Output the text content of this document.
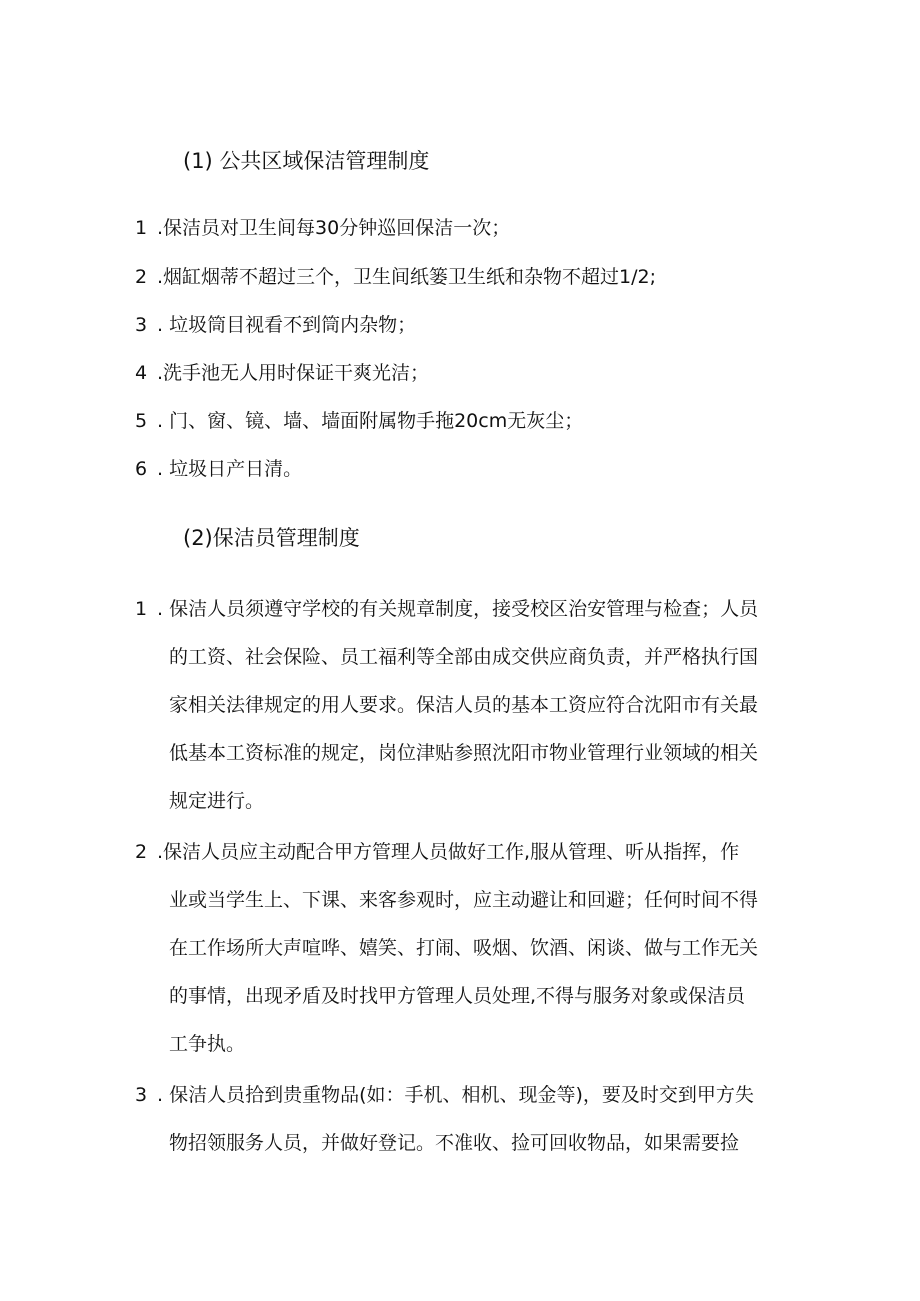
(1) 公共区域保洁管理制度
1 .保洁员对卫生间每30分钟巡回保洁一次；
2 .烟缸烟蒂不超过三个，卫生间纸篓卫生纸和杂物不超过1/2;
3 . 垃圾筒目视看不到筒内杂物；
4 .洗手池无人用时保证干爽光洁；
5 . 门、窗、镜、墙、墙面附属物手拖20cm无灰尘；
6 . 垃圾日产日清。
(2)保洁员管理制度
1 . 保洁人员须遵守学校的有关规章制度，接受校区治安管理与检查；人员
的工资、社会保险、员工福利等全部由成交供应商负责，并严格执行国
家相关法律规定的用人要求。保洁人员的基本工资应符合沈阳市有关最
低基本工资标准的规定，岗位津贴参照沈阳市物业管理行业领域的相关
规定进行。
2 .保洁人员应主动配合甲方管理人员做好工作,服从管理、听从指挥，作
业或当学生上、下课、来客参观时，应主动避让和回避；任何时间不得
在工作场所大声喧哗、嬉笑、打闹、吸烟、饮酒、闲谈、做与工作无关
的事情，出现矛盾及时找甲方管理人员处理,不得与服务对象或保洁员
工争执。
3 . 保洁人员拾到贵重物品(如：手机、相机、现金等)，要及时交到甲方失
物招领服务人员，并做好登记。不准收、捡可回收物品，如果需要捡
